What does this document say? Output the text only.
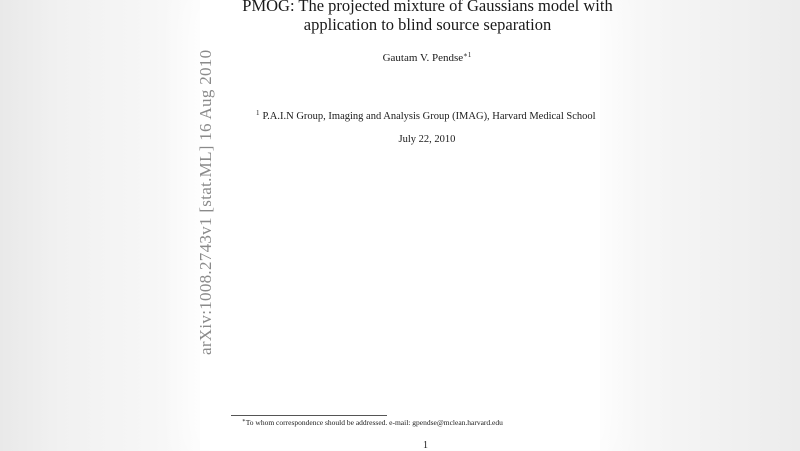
PMOG: The projected mixture of Gaussians model with
application to blind source separation
Gautam V. Pendse$^{∗1}$
$^1$ P.A.I.N Group, Imaging and Analysis Group (IMAG), Harvard Medical School
July 22, 2010
arXiv:1008.2743v1 [stat.ML] 16 Aug 2010
∗To whom correspondence should be addressed. e-mail: gpendse@mclean.harvard.edu
1
